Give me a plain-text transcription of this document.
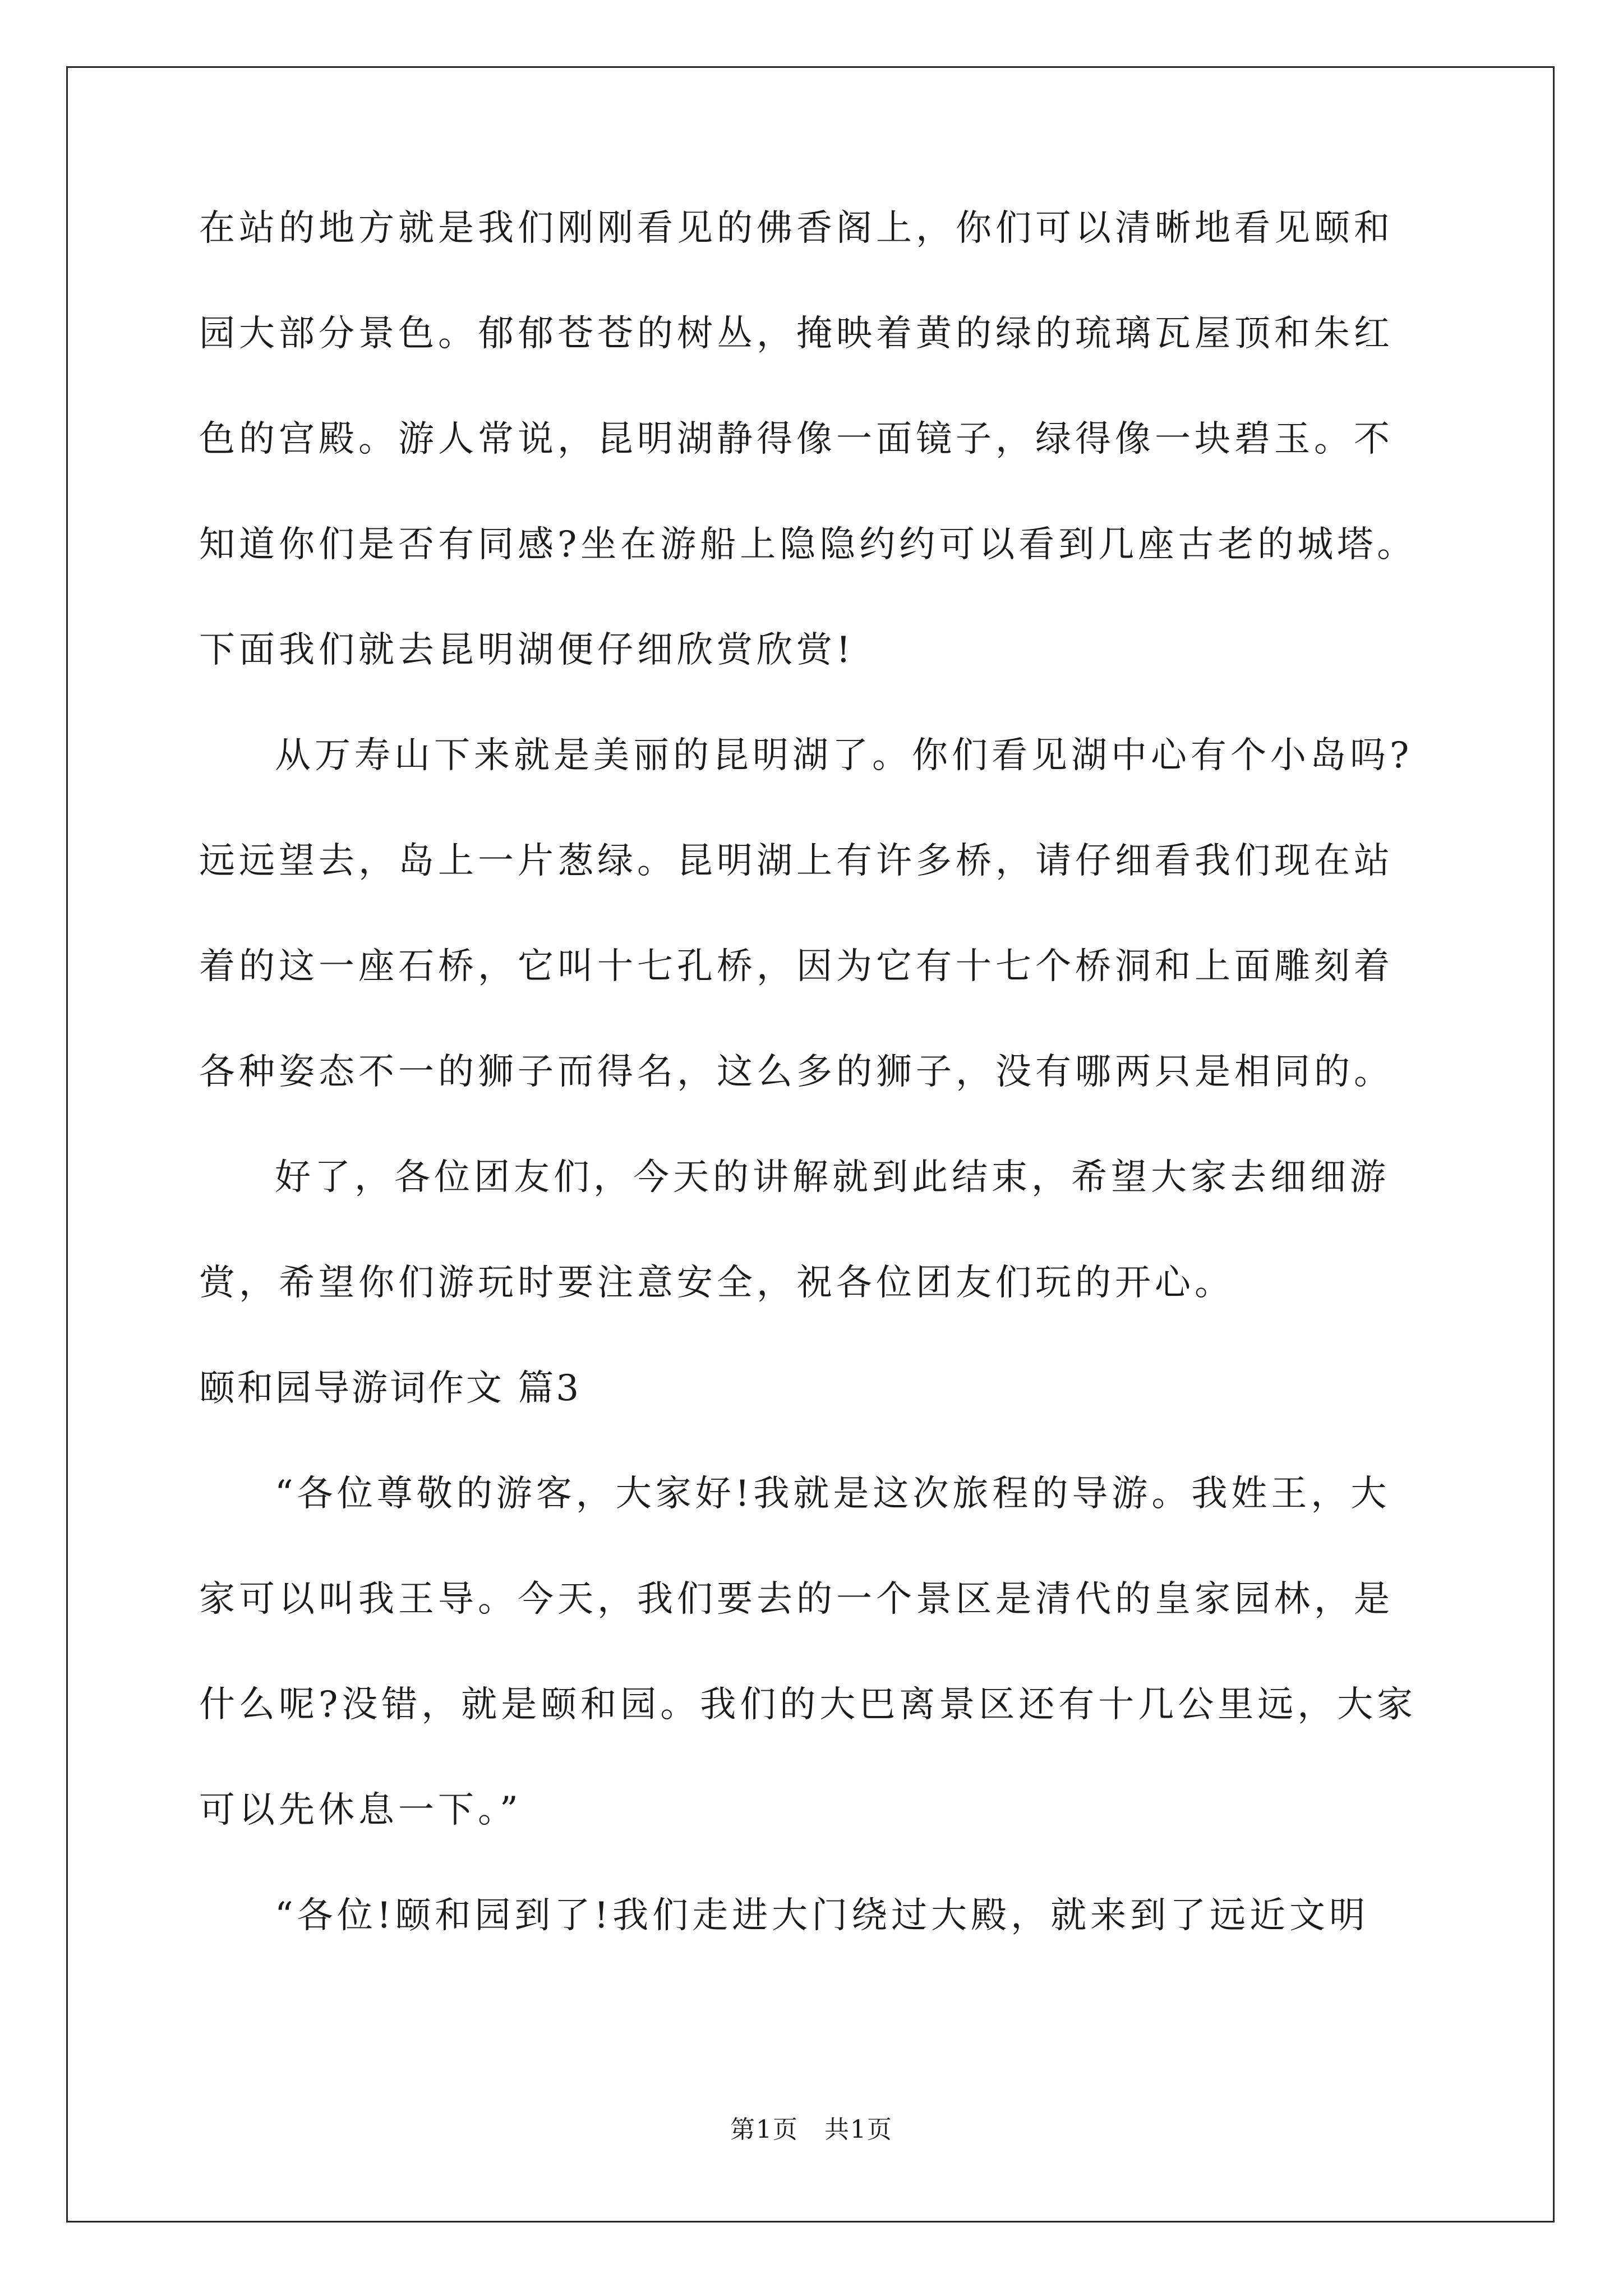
在站的地方就是我们刚刚看见的佛香阁上，你们可以清晰地看见颐和
园大部分景色。郁郁苍苍的树丛，掩映着黄的绿的琉璃瓦屋顶和朱红
色的宫殿。游人常说，昆明湖静得像一面镜子，绿得像一块碧玉。不
知道你们是否有同感?坐在游船上隐隐约约可以看到几座古老的城塔。
下面我们就去昆明湖便仔细欣赏欣赏!
从万寿山下来就是美丽的昆明湖了。你们看见湖中心有个小岛吗?
远远望去，岛上一片葱绿。昆明湖上有许多桥，请仔细看我们现在站
着的这一座石桥，它叫十七孔桥，因为它有十七个桥洞和上面雕刻着
各种姿态不一的狮子而得名，这么多的狮子，没有哪两只是相同的。
好了，各位团友们，今天的讲解就到此结束，希望大家去细细游
赏，希望你们游玩时要注意安全，祝各位团友们玩的开心。
颐和园导游词作文 篇3
“各位尊敬的游客，大家好!我就是这次旅程的导游。我姓王，大
家可以叫我王导。今天，我们要去的一个景区是清代的皇家园林，是
什么呢?没错，就是颐和园。我们的大巴离景区还有十几公里远，大家
可以先休息一下。”
“各位!颐和园到了!我们走进大门绕过大殿，就来到了远近文明
第1页　共1页
